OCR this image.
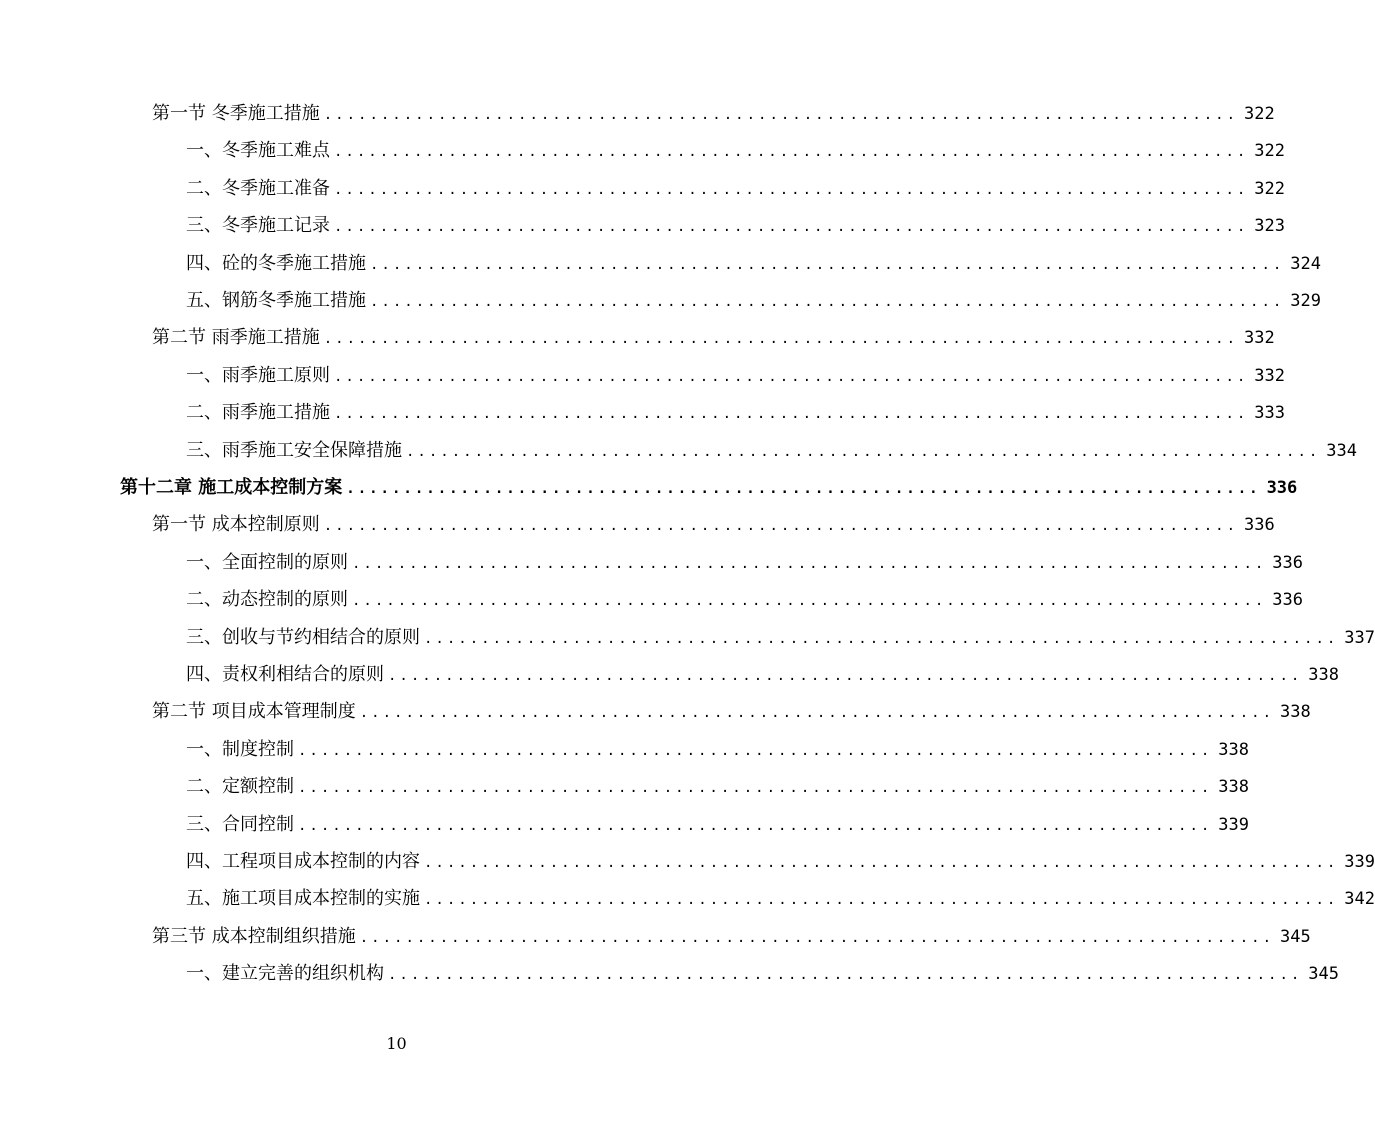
第一节 冬季施工措施 ................................................................................ 322
一、冬季施工难点 ................................................................................ 322
二、冬季施工准备 ................................................................................ 322
三、冬季施工记录 ................................................................................ 323
四、砼的冬季施工措施 ................................................................................ 324
五、钢筋冬季施工措施 ................................................................................ 329
第二节 雨季施工措施 ................................................................................ 332
一、雨季施工原则 ................................................................................ 332
二、雨季施工措施 ................................................................................ 333
三、雨季施工安全保障措施 ................................................................................ 334
第十二章 施工成本控制方案 ................................................................................ 336
第一节 成本控制原则 ................................................................................ 336
一、全面控制的原则 ................................................................................ 336
二、动态控制的原则 ................................................................................ 336
三、创收与节约相结合的原则 ................................................................................ 337
四、责权利相结合的原则 ................................................................................ 338
第二节 项目成本管理制度 ................................................................................ 338
一、制度控制 ................................................................................ 338
二、定额控制 ................................................................................ 338
三、合同控制 ................................................................................ 339
四、工程项目成本控制的内容 ................................................................................ 339
五、施工项目成本控制的实施 ................................................................................ 342
第三节 成本控制组织措施 ................................................................................ 345
一、建立完善的组织机构 ................................................................................ 345
10
